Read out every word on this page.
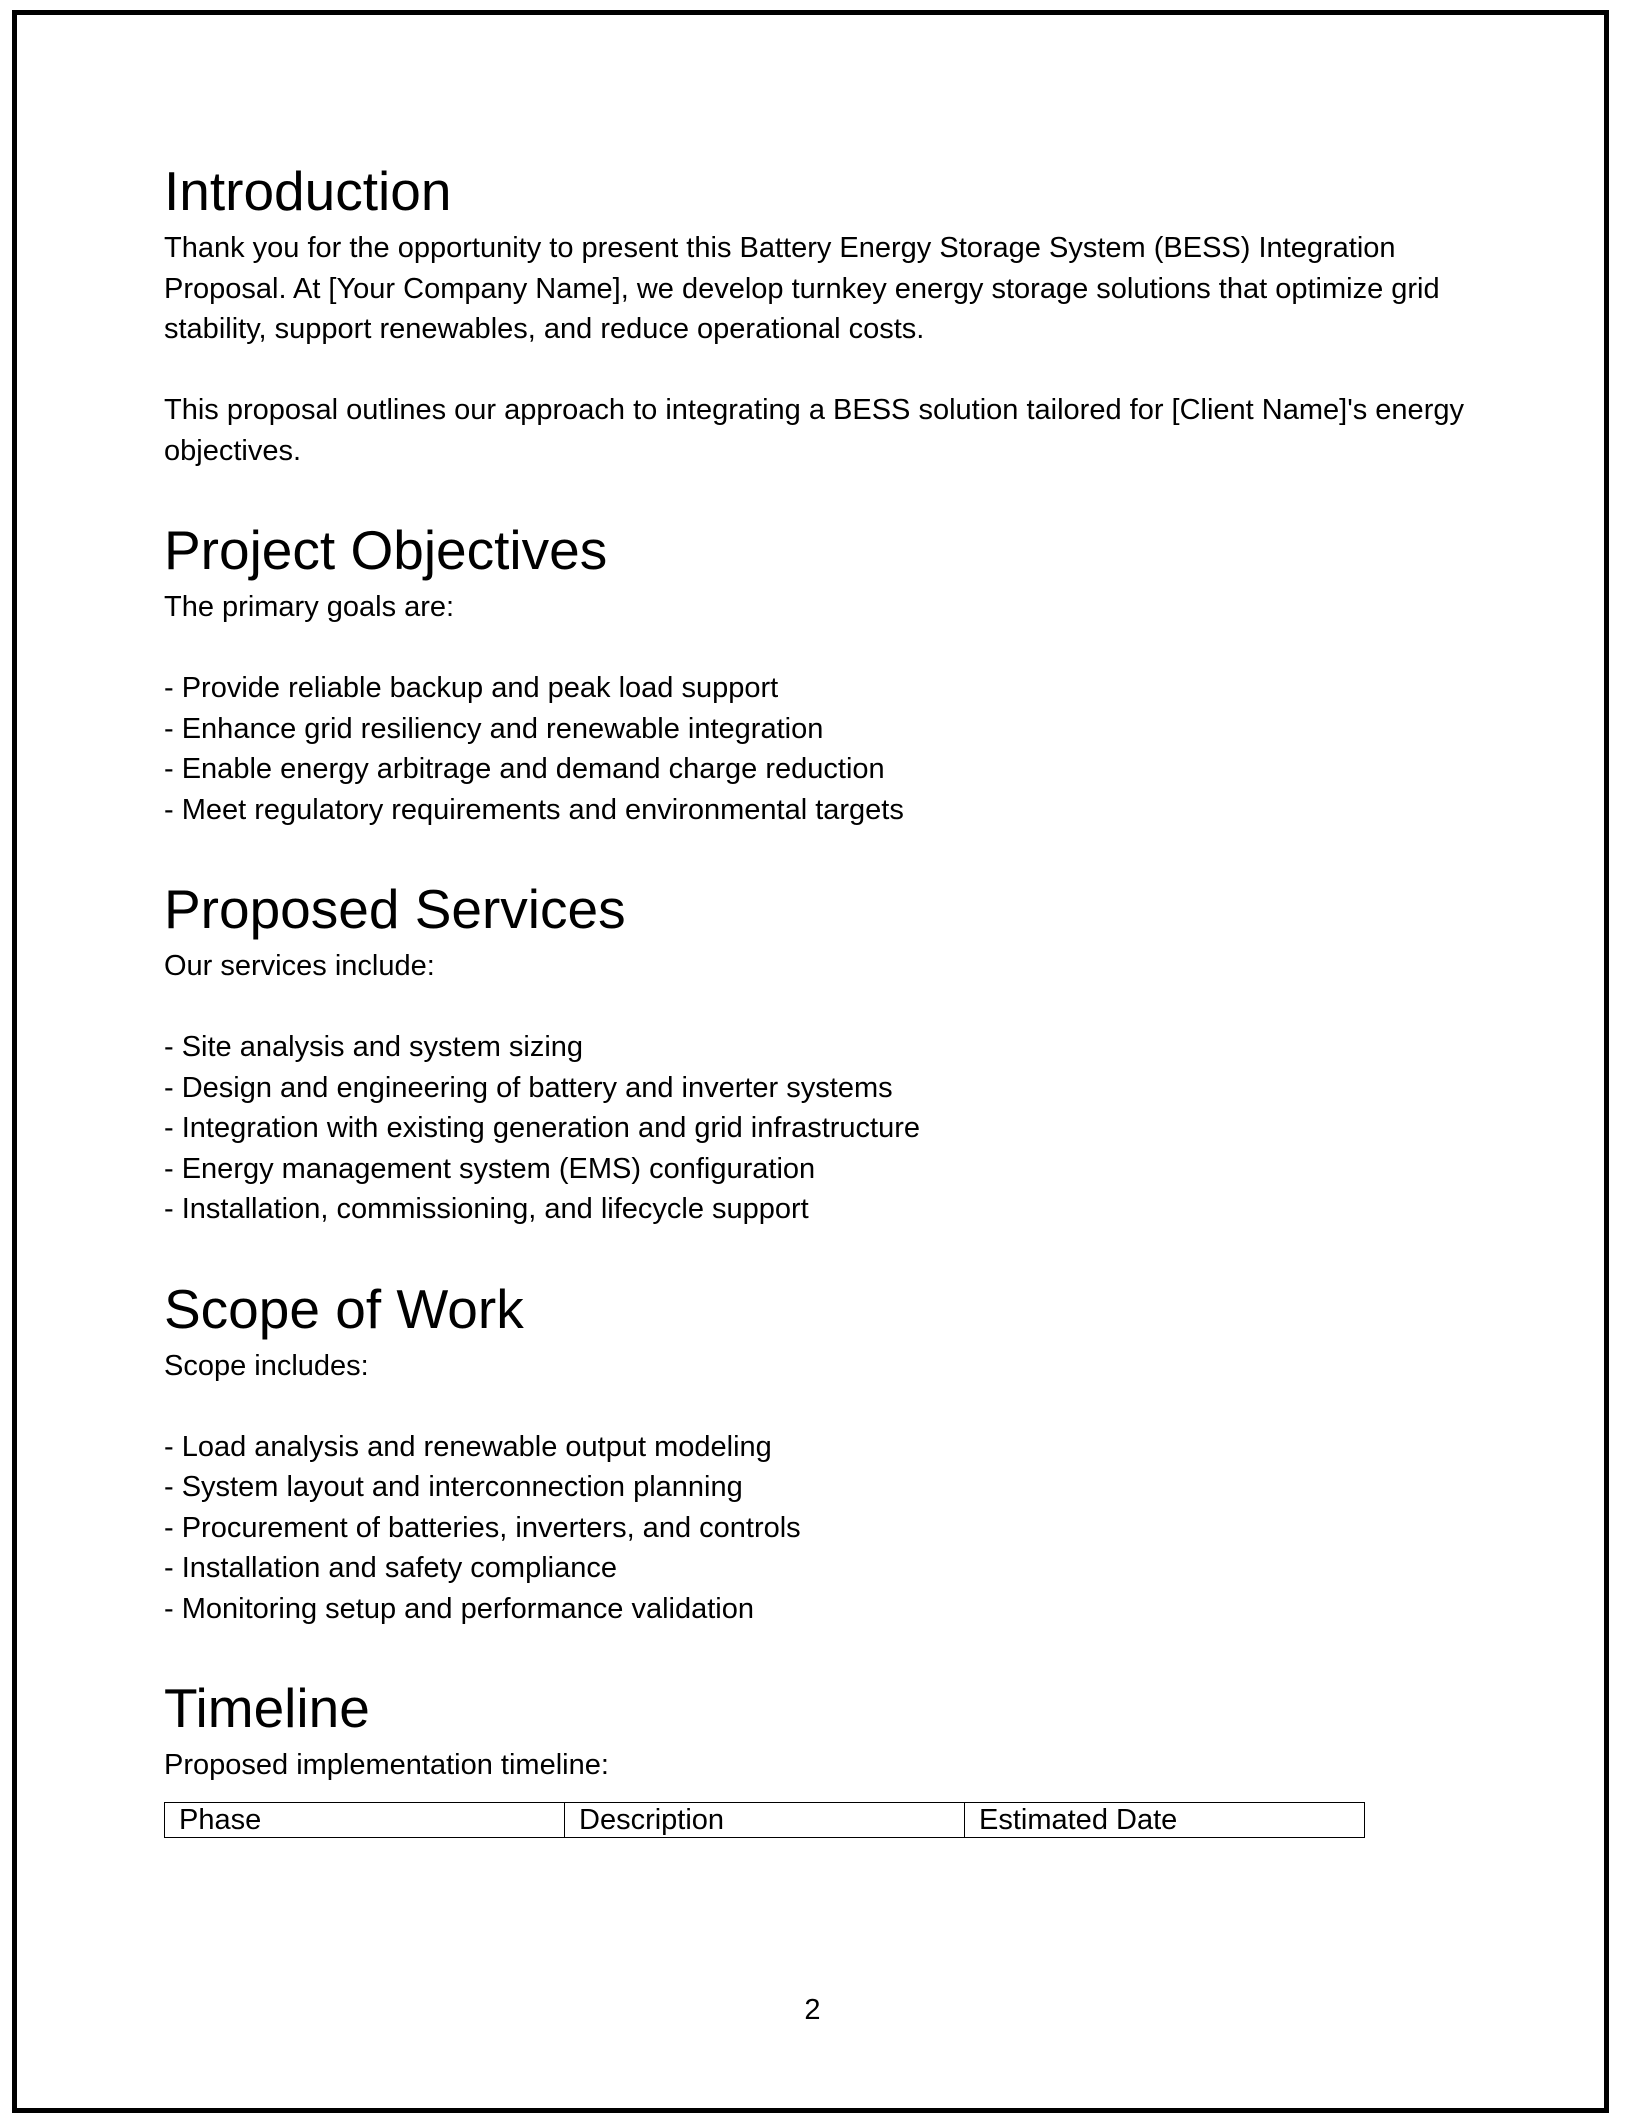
Introduction

Thank you for the opportunity to present this Battery Energy Storage System (BESS) Integration Proposal. At [Your Company Name], we develop turnkey energy storage solutions that optimize grid stability, support renewables, and reduce operational costs.

This proposal outlines our approach to integrating a BESS solution tailored for [Client Name]'s energy objectives.

Project Objectives

The primary goals are:

- Provide reliable backup and peak load support
- Enhance grid resiliency and renewable integration
- Enable energy arbitrage and demand charge reduction
- Meet regulatory requirements and environmental targets
Proposed Services

Our services include:

- Site analysis and system sizing
- Design and engineering of battery and inverter systems
- Integration with existing generation and grid infrastructure
- Energy management system (EMS) configuration
- Installation, commissioning, and lifecycle support
Scope of Work

Scope includes:

- Load analysis and renewable output modeling
- System layout and interconnection planning
- Procurement of batteries, inverters, and controls
- Installation and safety compliance
- Monitoring setup and performance validation
Timeline

Proposed implementation timeline:

Phase	Description	Estimated Date
2
